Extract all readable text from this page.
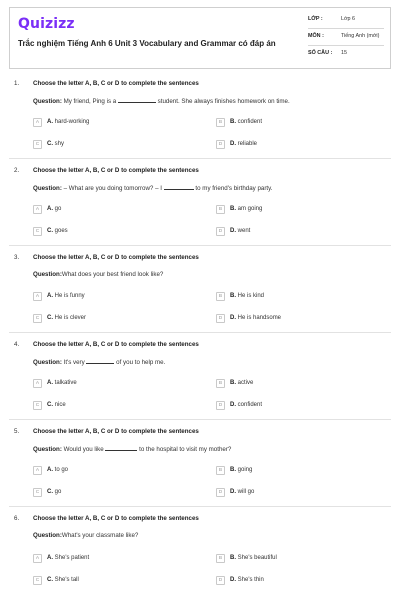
Quizizz
Trắc nghiệm Tiếng Anh 6 Unit 3 Vocabulary and Grammar có đáp án
LỚP :	Lớp 6
MÔN :	Tiếng Anh (mới)
SỐ CÂU : 15
1. Choose the letter A, B, C or D to complete the sentences
Question: My friend, Ping is a	student. She always finishes homework on time.
A	A. hard-working	B	B. confident
C	C. shy	D	D. reliable
2. Choose the letter A, B, C or D to complete the sentences
Question: – What are you doing tomorrow? – I	to my friend's birthday party.
A	A. go	B	B. am going
C	C. goes	D	D. went
3. Choose the letter A, B, C or D to complete the sentences
Question:What does your best friend look like?
A	A. He is funny	B	B. He is kind
C	C. He is clever	D	D. He is handsome
4. Choose the letter A, B, C or D to complete the sentences
Question: It's very	of you to help me.
A	A. talkative	B	B. active
C	C. nice	D	D. confident
5. Choose the letter A, B, C or D to complete the sentences
Question: Would you like	to the hospital to visit my mother?
A	A. to go	B	B. going
C	C. go	D	D. will go
6. Choose the letter A, B, C or D to complete the sentences
Question:What's your classmate like?
A	A. She's patient	B	B. She's beautiful
C	C. She's tall	D	D. She's thin
